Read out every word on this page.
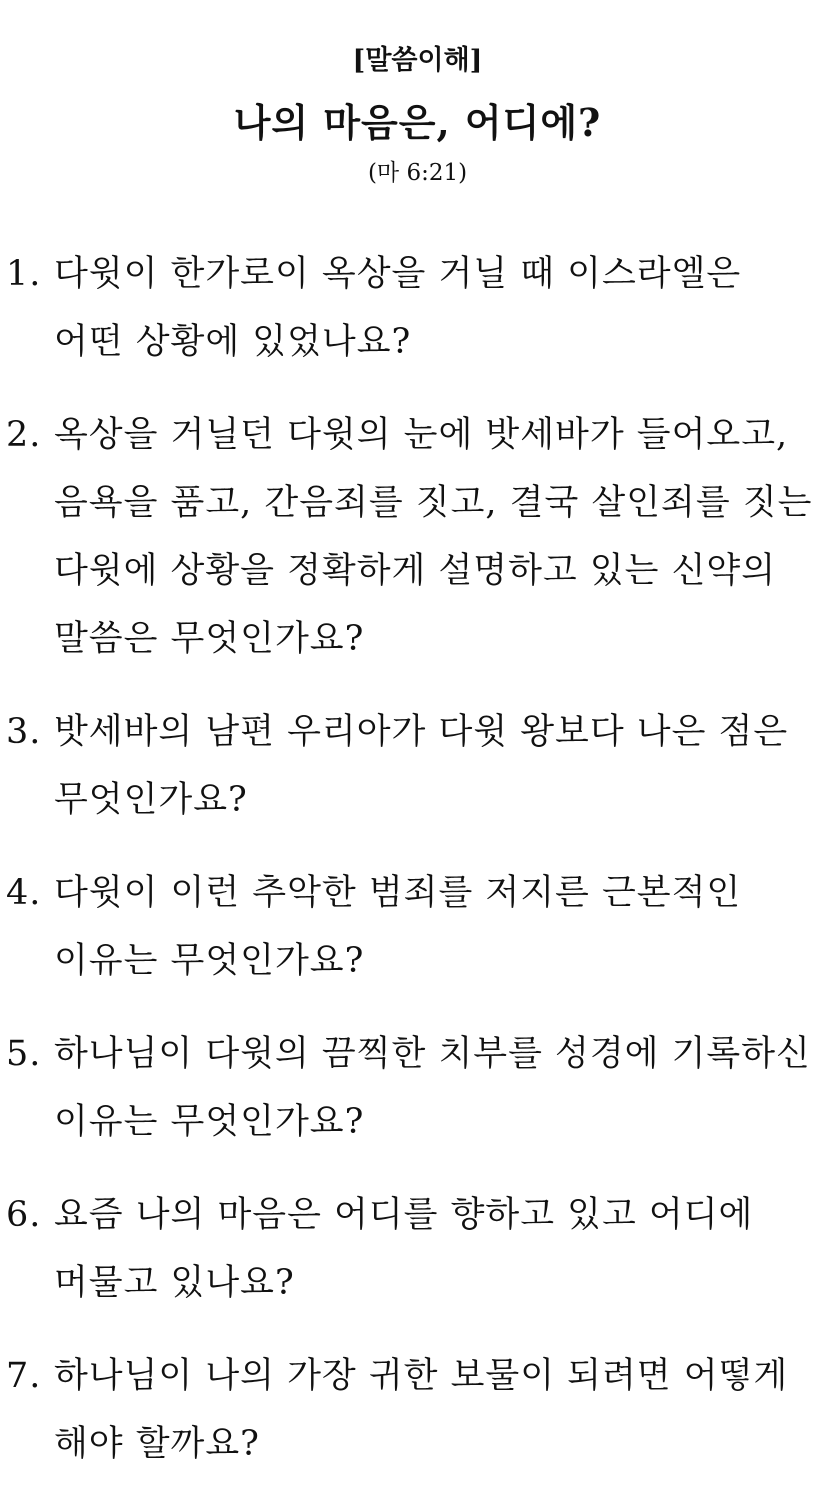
[말씀이해]
나의 마음은, 어디에?
(마 6:21)
1. 다윗이 한가로이 옥상을 거닐 때 이스라엘은
어떤 상황에 있었나요?
2. 옥상을 거닐던 다윗의 눈에 밧세바가 들어오고,
음욕을 품고, 간음죄를 짓고, 결국 살인죄를 짓는
다윗에 상황을 정확하게 설명하고 있는 신약의
말씀은 무엇인가요?
3. 밧세바의 남편 우리아가 다윗 왕보다 나은 점은
무엇인가요?
4. 다윗이 이런 추악한 범죄를 저지른 근본적인
이유는 무엇인가요?
5. 하나님이 다윗의 끔찍한 치부를 성경에 기록하신
이유는 무엇인가요?
6. 요즘 나의 마음은 어디를 향하고 있고 어디에
머물고 있나요?
7. 하나님이 나의 가장 귀한 보물이 되려면 어떻게
해야 할까요?
